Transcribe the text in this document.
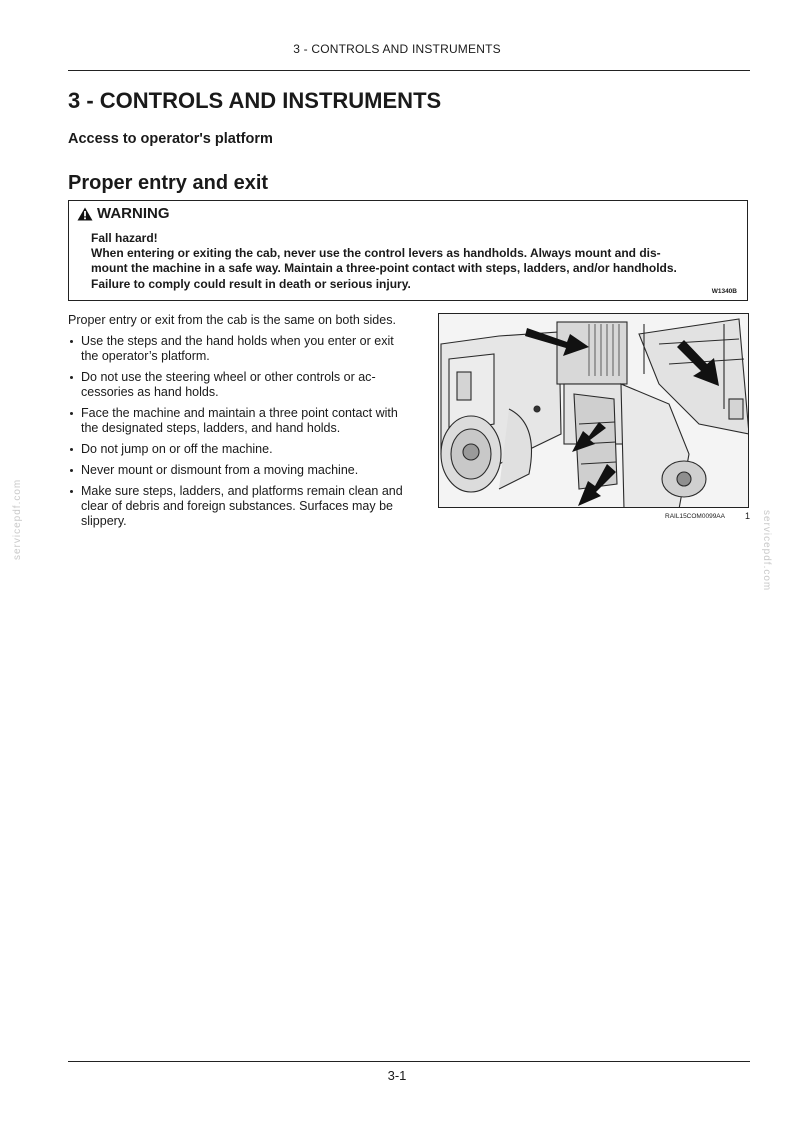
3 - CONTROLS AND INSTRUMENTS
3 - CONTROLS AND INSTRUMENTS
Access to operator's platform
Proper entry and exit
WARNING
Fall hazard!
When entering or exiting the cab, never use the control levers as handholds. Always mount and dis-
mount the machine in a safe way. Maintain a three-point contact with steps, ladders, and/or handholds.
Failure to comply could result in death or serious injury.
W1340B

Proper entry or exit from the cab is the same on both sides.

Use the steps and the hand holds when you enter or exit the operator’s platform.
Do not use the steering wheel or other controls or accessories as hand holds.
Face the machine and maintain a three point contact with the designated steps, ladders, and hand holds.
Do not jump on or off the machine.
Never mount or dismount from a moving machine.
Make sure steps, ladders, and platforms remain clean and clear of debris and foreign substances. Surfaces may be slippery.	RAIL15COM0099AA 1
servicepdf.com	servicepdf.com
3-1
